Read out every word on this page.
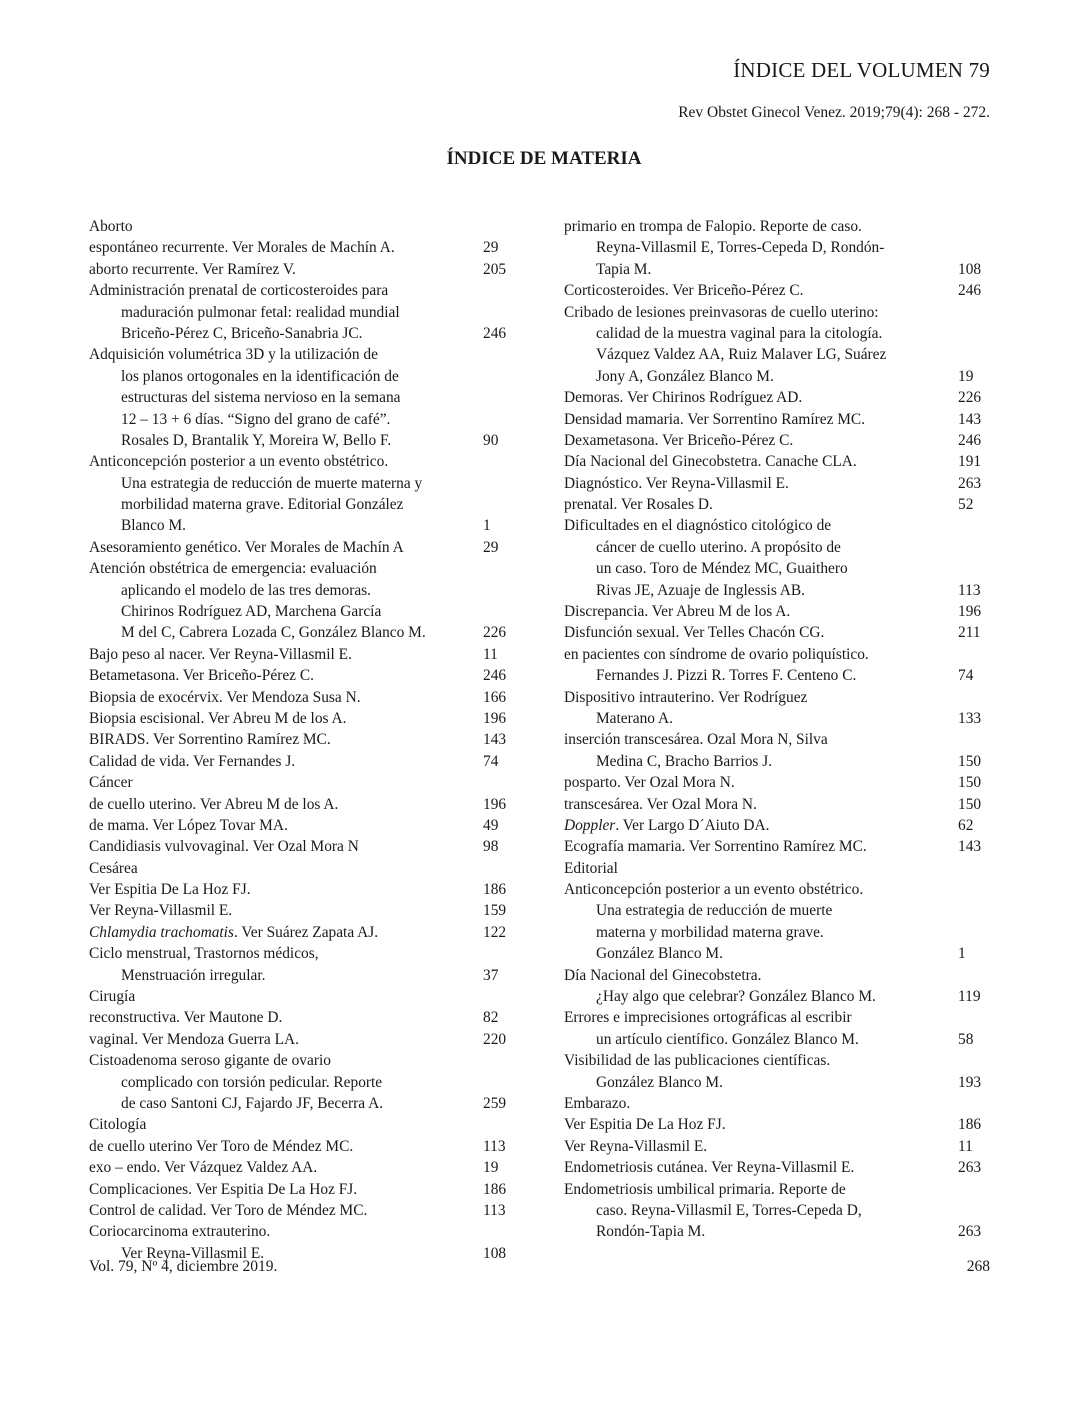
ÍNDICE DEL VOLUMEN 79
Rev Obstet Ginecol Venez. 2019;79(4): 268 - 272.
ÍNDICE DE MATERIA
Aborto
espontáneo recurrente. Ver Morales de Machín A.	29
aborto recurrente. Ver Ramírez V.	205
Administración prenatal de corticosteroides para
maduración pulmonar fetal: realidad mundial
Briceño-Pérez C, Briceño-Sanabria JC.	246
Adquisición volumétrica 3D y la utilización de
los planos ortogonales en la identificación de
estructuras del sistema nervioso en la semana
12 – 13 + 6 días. “Signo del grano de café”.
Rosales D, Brantalik Y, Moreira W, Bello F.	90
Anticoncepción posterior a un evento obstétrico.
Una estrategia de reducción de muerte materna y
morbilidad materna grave. Editorial González
Blanco M.	1
Asesoramiento genético. Ver Morales de Machín A	29
Atención obstétrica de emergencia: evaluación
aplicando el modelo de las tres demoras.
Chirinos Rodríguez AD, Marchena García
M del C, Cabrera Lozada C, González Blanco M.	226
Bajo peso al nacer. Ver Reyna-Villasmil E.	11
Betametasona. Ver Briceño-Pérez C.	246
Biopsia de exocérvix. Ver Mendoza Susa N.	166
Biopsia escisional. Ver Abreu M de los A.	196
BIRADS. Ver Sorrentino Ramírez MC.	143
Calidad de vida. Ver Fernandes J.	74
Cáncer
de cuello uterino. Ver Abreu M de los A.	196
de mama. Ver López Tovar MA.	49
Candidiasis vulvovaginal. Ver Ozal Mora N	98
Cesárea
Ver Espitia De La Hoz FJ.	186
Ver Reyna-Villasmil E.	159
Chlamydia trachomatis. Ver Suárez Zapata AJ.	122
Ciclo menstrual, Trastornos médicos,
Menstruación irregular.	37
Cirugía
reconstructiva. Ver Mautone D.	82
vaginal. Ver Mendoza Guerra LA.	220
Cistoadenoma seroso gigante de ovario
complicado con torsión pedicular. Reporte
de caso Santoni CJ, Fajardo JF, Becerra A.	259
Citología
de cuello uterino Ver Toro de Méndez MC.	113
exo – endo. Ver Vázquez Valdez AA.	19
Complicaciones. Ver Espitia De La Hoz FJ.	186
Control de calidad. Ver Toro de Méndez MC.	113
Coriocarcinoma extrauterino.
Ver Reyna-Villasmil E.	108
primario en trompa de Falopio. Reporte de caso.
Reyna-Villasmil E, Torres-Cepeda D, Rondón-
Tapia M.	108
Corticosteroides. Ver Briceño-Pérez C.	246
Cribado de lesiones preinvasoras de cuello uterino:
calidad de la muestra vaginal para la citología.
Vázquez Valdez AA, Ruiz Malaver LG, Suárez
Jony A, González Blanco M.	19
Demoras. Ver Chirinos Rodríguez AD.	226
Densidad mamaria. Ver Sorrentino Ramírez MC.	143
Dexametasona. Ver Briceño-Pérez C.	246
Día Nacional del Ginecobstetra. Canache CLA.	191
Diagnóstico. Ver Reyna-Villasmil E.	263
prenatal. Ver Rosales D.	52
Dificultades en el diagnóstico citológico de
cáncer de cuello uterino. A propósito de
un caso. Toro de Méndez MC, Guaithero
Rivas JE, Azuaje de Inglessis AB.	113
Discrepancia. Ver Abreu M de los A.	196
Disfunción sexual. Ver Telles Chacón CG.	211
en pacientes con síndrome de ovario poliquístico.
Fernandes J. Pizzi R. Torres F. Centeno C.	74
Dispositivo intrauterino. Ver Rodríguez
Materano A.	133
inserción transcesárea. Ozal Mora N, Silva
Medina C, Bracho Barrios J.	150
posparto. Ver Ozal Mora N.	150
transcesárea. Ver Ozal Mora N.	150
Doppler. Ver Largo D´Aiuto DA.	62
Ecografía mamaria. Ver Sorrentino Ramírez MC.	143
Editorial
Anticoncepción posterior a un evento obstétrico.
Una estrategia de reducción de muerte
materna y morbilidad materna grave.
González Blanco M.	1
Día Nacional del Ginecobstetra.
¿Hay algo que celebrar? González Blanco M.	119
Errores e imprecisiones ortográficas al escribir
un artículo científico. González Blanco M.	58
Visibilidad de las publicaciones científicas.
González Blanco M.	193
Embarazo.
Ver Espitia De La Hoz FJ.	186
Ver Reyna-Villasmil E.	11
Endometriosis cutánea. Ver Reyna-Villasmil E.	263
Endometriosis umbilical primaria. Reporte de
caso. Reyna-Villasmil E, Torres-Cepeda D,
Rondón-Tapia M.	263
Vol. 79, Nº 4, diciembre 2019.	268
